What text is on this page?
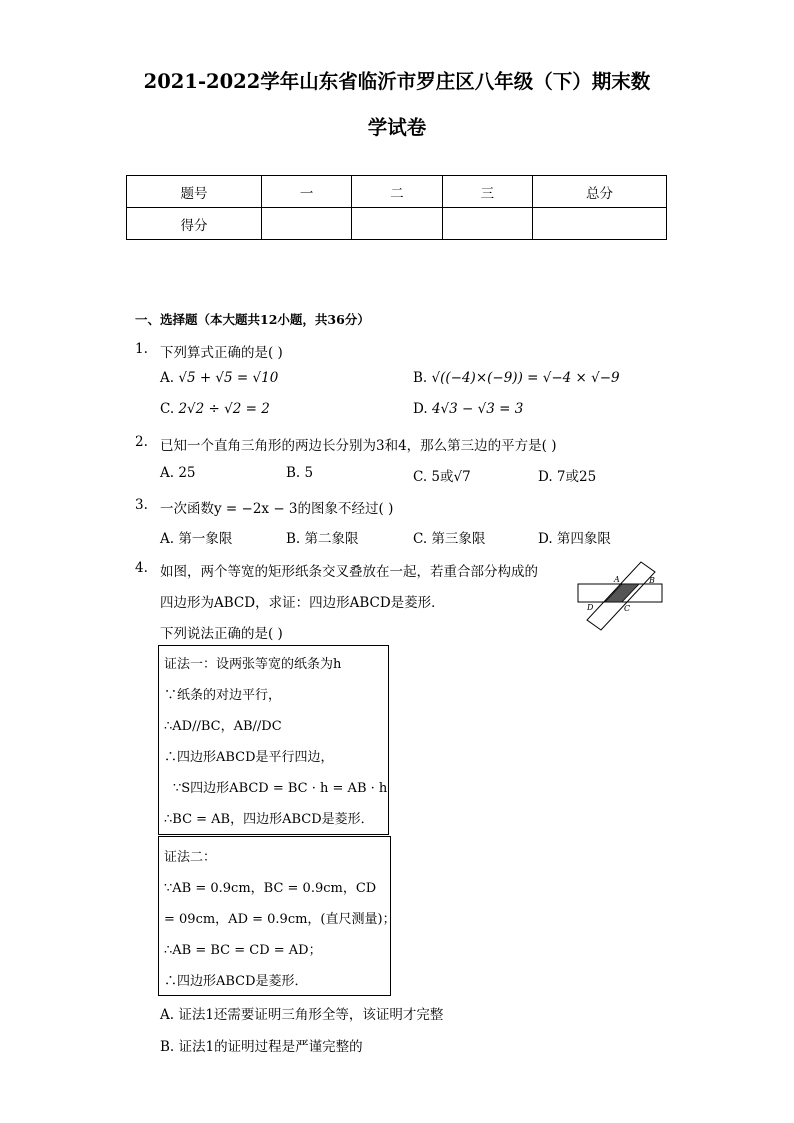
2021-2022学年山东省临沂市罗庄区八年级（下）期末数
学试卷
题号	一	二	三	总分
得分				
一、选择题（本大题共12小题，共36分）
1. 下列算式正确的是( )
A. √5 + √5 = √10	B. √((−4)×(−9)) = √−4 × √−9
C. 2√2 ÷ √2 = 2	D. 4√3 − √3 = 3
2. 已知一个直角三角形的两边长分别为3和4，那么第三边的平方是( )
A. 25	B. 5	C. 5或√7	D. 7或25
3. 一次函数y = −2x − 3的图象不经过( )
A. 第一象限	B. 第二象限	C. 第三象限	D. 第四象限
4. 如图，两个等宽的矩形纸条交叉叠放在一起，若重合部分构成的
四边形为ABCD，求证：四边形ABCD是菱形．
下列说法正确的是( )
A	B
C
D
证法一：设两张等宽的纸条为h
∵纸条的对边平行，
∴AD//BC，AB//DC
∴四边形ABCD是平行四边，
∵S四边形ABCD = BC · h = AB · h
∴BC = AB，四边形ABCD是菱形．
证法二：
∵AB = 0.9cm，BC = 0.9cm，CD
= 09cm，AD = 0.9cm，(直尺测量)；
∴AB = BC = CD = AD；
∴四边形ABCD是菱形．
A. 证法1还需要证明三角形全等，该证明才完整
B. 证法1的证明过程是严谨完整的
